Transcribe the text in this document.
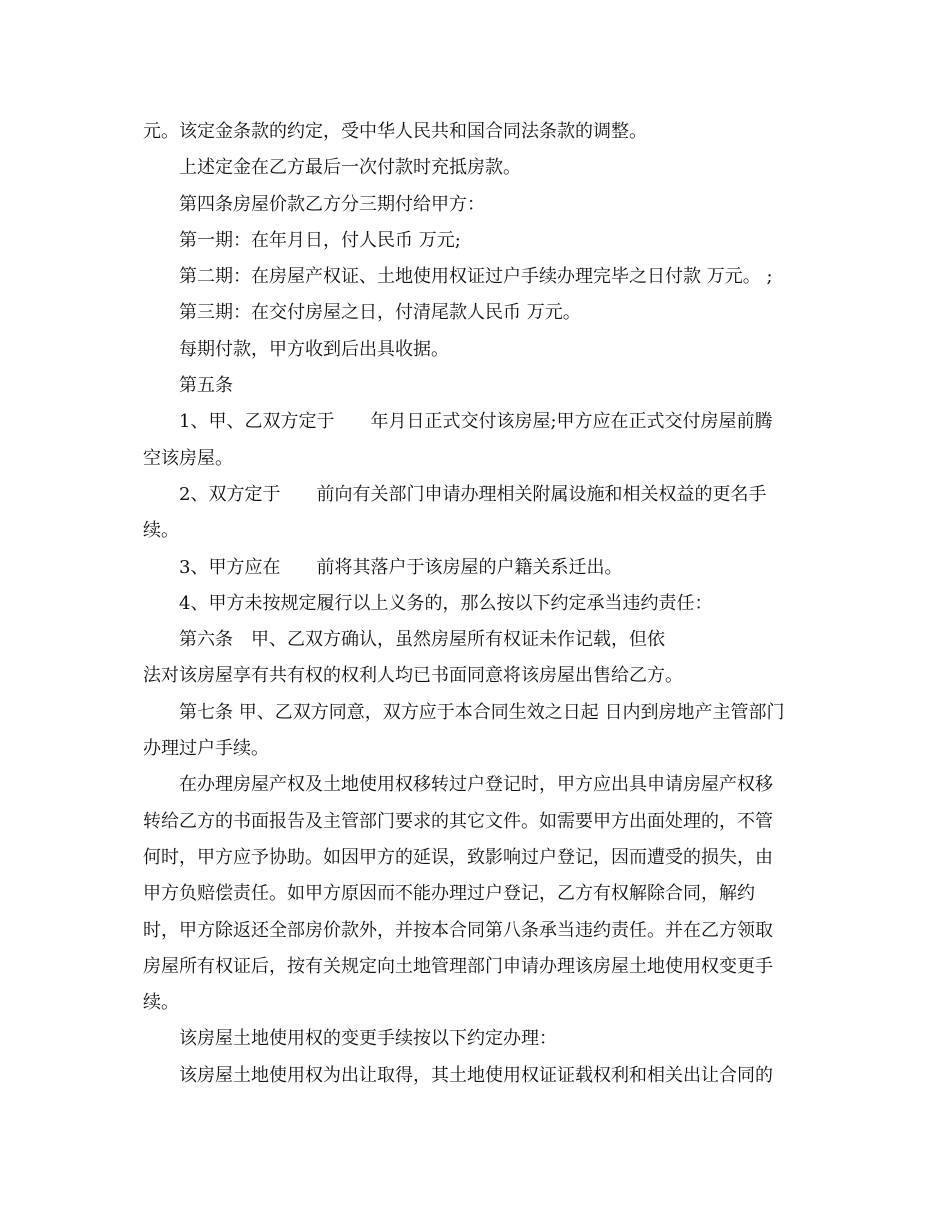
元。该定金条款的约定，受中华人民共和国合同法条款的调整。

上述定金在乙方最后一次付款时充抵房款。

第四条房屋价款乙方分三期付给甲方：

第一期：在年月日，付人民币 万元;

第二期：在房屋产权证、土地使用权证过户手续办理完毕之日付款 万元。 ;

第三期：在交付房屋之日，付清尾款人民币 万元。

每期付款，甲方收到后出具收据。

第五条

1、甲、乙双方定于　　年月日正式交付该房屋;甲方应在正式交付房屋前腾

空该房屋。

2、双方定于　　前向有关部门申请办理相关附属设施和相关权益的更名手

续。

3、甲方应在　　前将其落户于该房屋的户籍关系迁出。

4、甲方未按规定履行以上义务的，那么按以下约定承当违约责任：

第六条　甲、乙双方确认，虽然房屋所有权证未作记载，但依

法对该房屋享有共有权的权利人均已书面同意将该房屋出售给乙方。

第七条 甲、乙双方同意，双方应于本合同生效之日起 日内到房地产主管部门

办理过户手续。

在办理房屋产权及土地使用权移转过户登记时，甲方应出具申请房屋产权移

转给乙方的书面报告及主管部门要求的其它文件。如需要甲方出面处理的，不管

何时，甲方应予协助。如因甲方的延误，致影响过户登记，因而遭受的损失，由

甲方负赔偿责任。如甲方原因而不能办理过户登记，乙方有权解除合同，解约

时，甲方除返还全部房价款外，并按本合同第八条承当违约责任。并在乙方领取

房屋所有权证后，按有关规定向土地管理部门申请办理该房屋土地使用权变更手

续。

该房屋土地使用权的变更手续按以下约定办理：

该房屋土地使用权为出让取得，其土地使用权证证载权利和相关出让合同的
